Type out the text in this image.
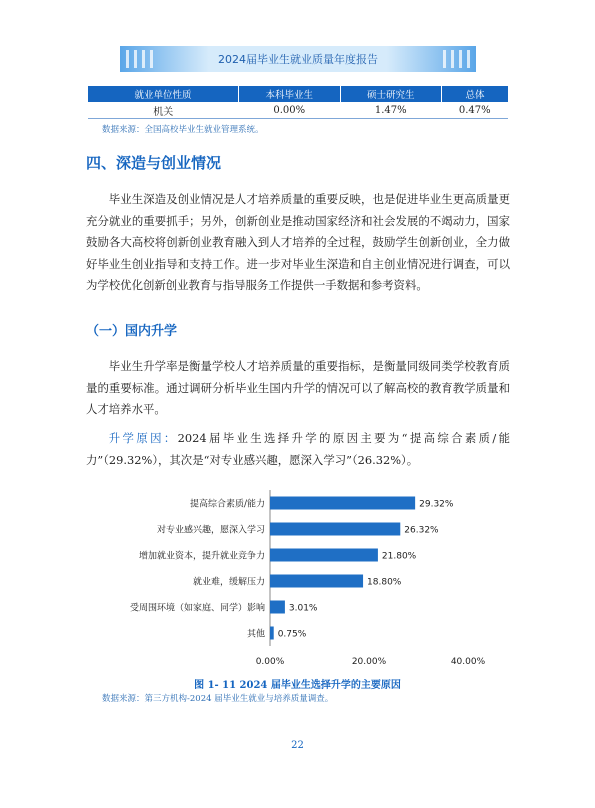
2024届毕业生就业质量年度报告
就业单位性质	本科毕业生	硕士研究生	总体
机关	0.00%	1.47%	0.47%
数据来源：全国高校毕业生就业管理系统。
四、深造与创业情况

毕业生深造及创业情况是人才培养质量的重要反映，也是促进毕业生更高质量更充分就业的重要抓手；另外，创新创业是推动国家经济和社会发展的不竭动力，国家鼓励各大高校将创新创业教育融入到人才培养的全过程，鼓励学生创新创业，全力做好毕业生创业指导和支持工作。进一步对毕业生深造和自主创业情况进行调查，可以为学校优化创新创业教育与指导服务工作提供一手数据和参考资料。

（一）国内升学

毕业生升学率是衡量学校人才培养质量的重要指标，是衡量同级同类学校教育质量的重要标准。通过调研分析毕业生国内升学的情况可以了解高校的教育教学质量和人才培养水平。

升学原因：2024届毕业生选择升学的原因主要为“提高综合素质/能力”（29.32%），其次是“对专业感兴趣，愿深入学习”（26.32%）。

提高综合素质/能力	29.32%
对专业感兴趣，愿深入学习	26.32%
增加就业资本，提升就业竞争力	21.80%
就业难，缓解压力	18.80%
受周围环境（如家庭、同学）影响	3.01%
其他 0.75%
0.00%	20.00%	40.00%
图 1- 11 2024 届毕业生选择升学的主要原因
数据来源：第三方机构-2024 届毕业生就业与培养质量调查。
22
